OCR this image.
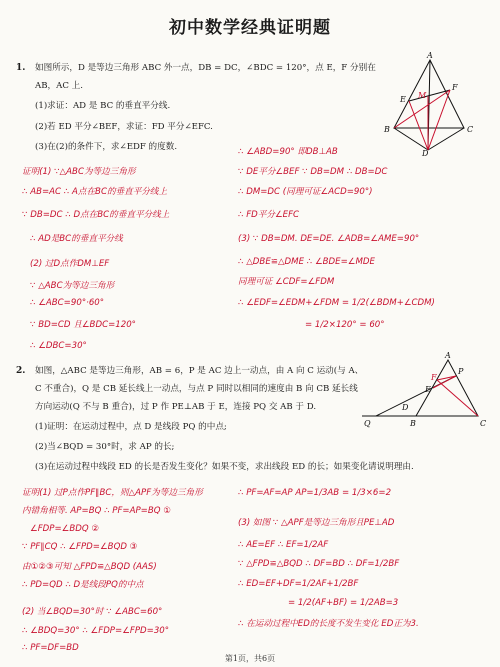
初中数学经典证明题
1. 如图所示，D 是等边三角形 ABC 外一点，DB = DC，∠BDC = 120°，点 E，F 分别在
AB，AC 上.
(1)求证：AD 是 BC 的垂直平分线.
(2)若 ED 平分∠BEF，求证：FD 平分∠EFC.
(3)在(2)的条件下，求∠EDF 的度数.
A
B	C
D
E
F
M
证明(1) ∵△ABC为等边三角形
∴ AB=AC ∴ A点在BC的垂直平分线上
∵ DB=DC ∴ D点在BC的垂直平分线上
∴ AD是BC的垂直平分线
(2) 过D点作DM⊥EF
∵ △ABC为等边三角形
∴ ∠ABC=90°·60°
∵ BD=CD 且∠BDC=120°
∴ ∠DBC=30°
∴ ∠ABD=90° 即DB⊥AB
∵ DE平分∠BEF ∵ DB=DM ∴ DB=DC
∴ DM=DC (同理可证∠ACD=90°)
∴ FD平分∠EFC
(3) ∵ DB=DM. DE=DE. ∠ADB=∠AME=90°
∴ △DBE≌△DME ∴ ∠BDE=∠MDE
同理可证 ∠CDF=∠FDM
∴ ∠EDF=∠EDM+∠FDM = 1/2(∠BDM+∠CDM)
= 1/2×120° = 60°
2. 如图，△ABC 是等边三角形，AB = 6，P 是 AC 边上一动点，由 A 向 C 运动(与 A、
C 不重合)，Q 是 CB 延长线上一动点，与点 P 同时以相同的速度由 B 向 CB 延长线
方向运动(Q 不与 B 重合)，过 P 作 PE⊥AB 于 E，连接 PQ 交 AB 于 D.
(1)证明：在运动过程中，点 D 是线段 PQ 的中点;
(2)当∠BQD = 30°时，求 AP 的长;
(3)在运动过程中线段 ED 的长是否发生变化？如果不变，求出线段 ED 的长；如果变化请说明理由.
A
B	C
D
E
P
Q
F
证明(1) 过P点作PF∥BC，则△APF为等边三角形
内错角相等. AP=BQ ∴ PF=AP=BQ ①
∠FDP=∠BDQ ②
∵ PF∥CQ ∴ ∠FPD=∠BQD ③
由①②③可知 △FPD≌△BQD (AAS)
∴ PD=QD ∴ D是线段PQ的中点
(2) 当∠BQD=30°时 ∵ ∠ABC=60°
∴ ∠BDQ=30° ∴ ∠FDP=∠FPD=30°
∴ PF=DF=BD
∴ PF=AF=AP AP=1/3AB = 1/3×6=2
(3) 如图 ∵ △APF是等边三角形且PE⊥AD
∴ AE=EF ∴ EF=1/2AF
∵ △FPD≌△BQD ∴ DF=BD ∴ DF=1/2BF
∴ ED=EF+DF=1/2AF+1/2BF
= 1/2(AF+BF) = 1/2AB=3
∴ 在运动过程中ED的长度不发生变化 ED正为3.
第1页，共6页
